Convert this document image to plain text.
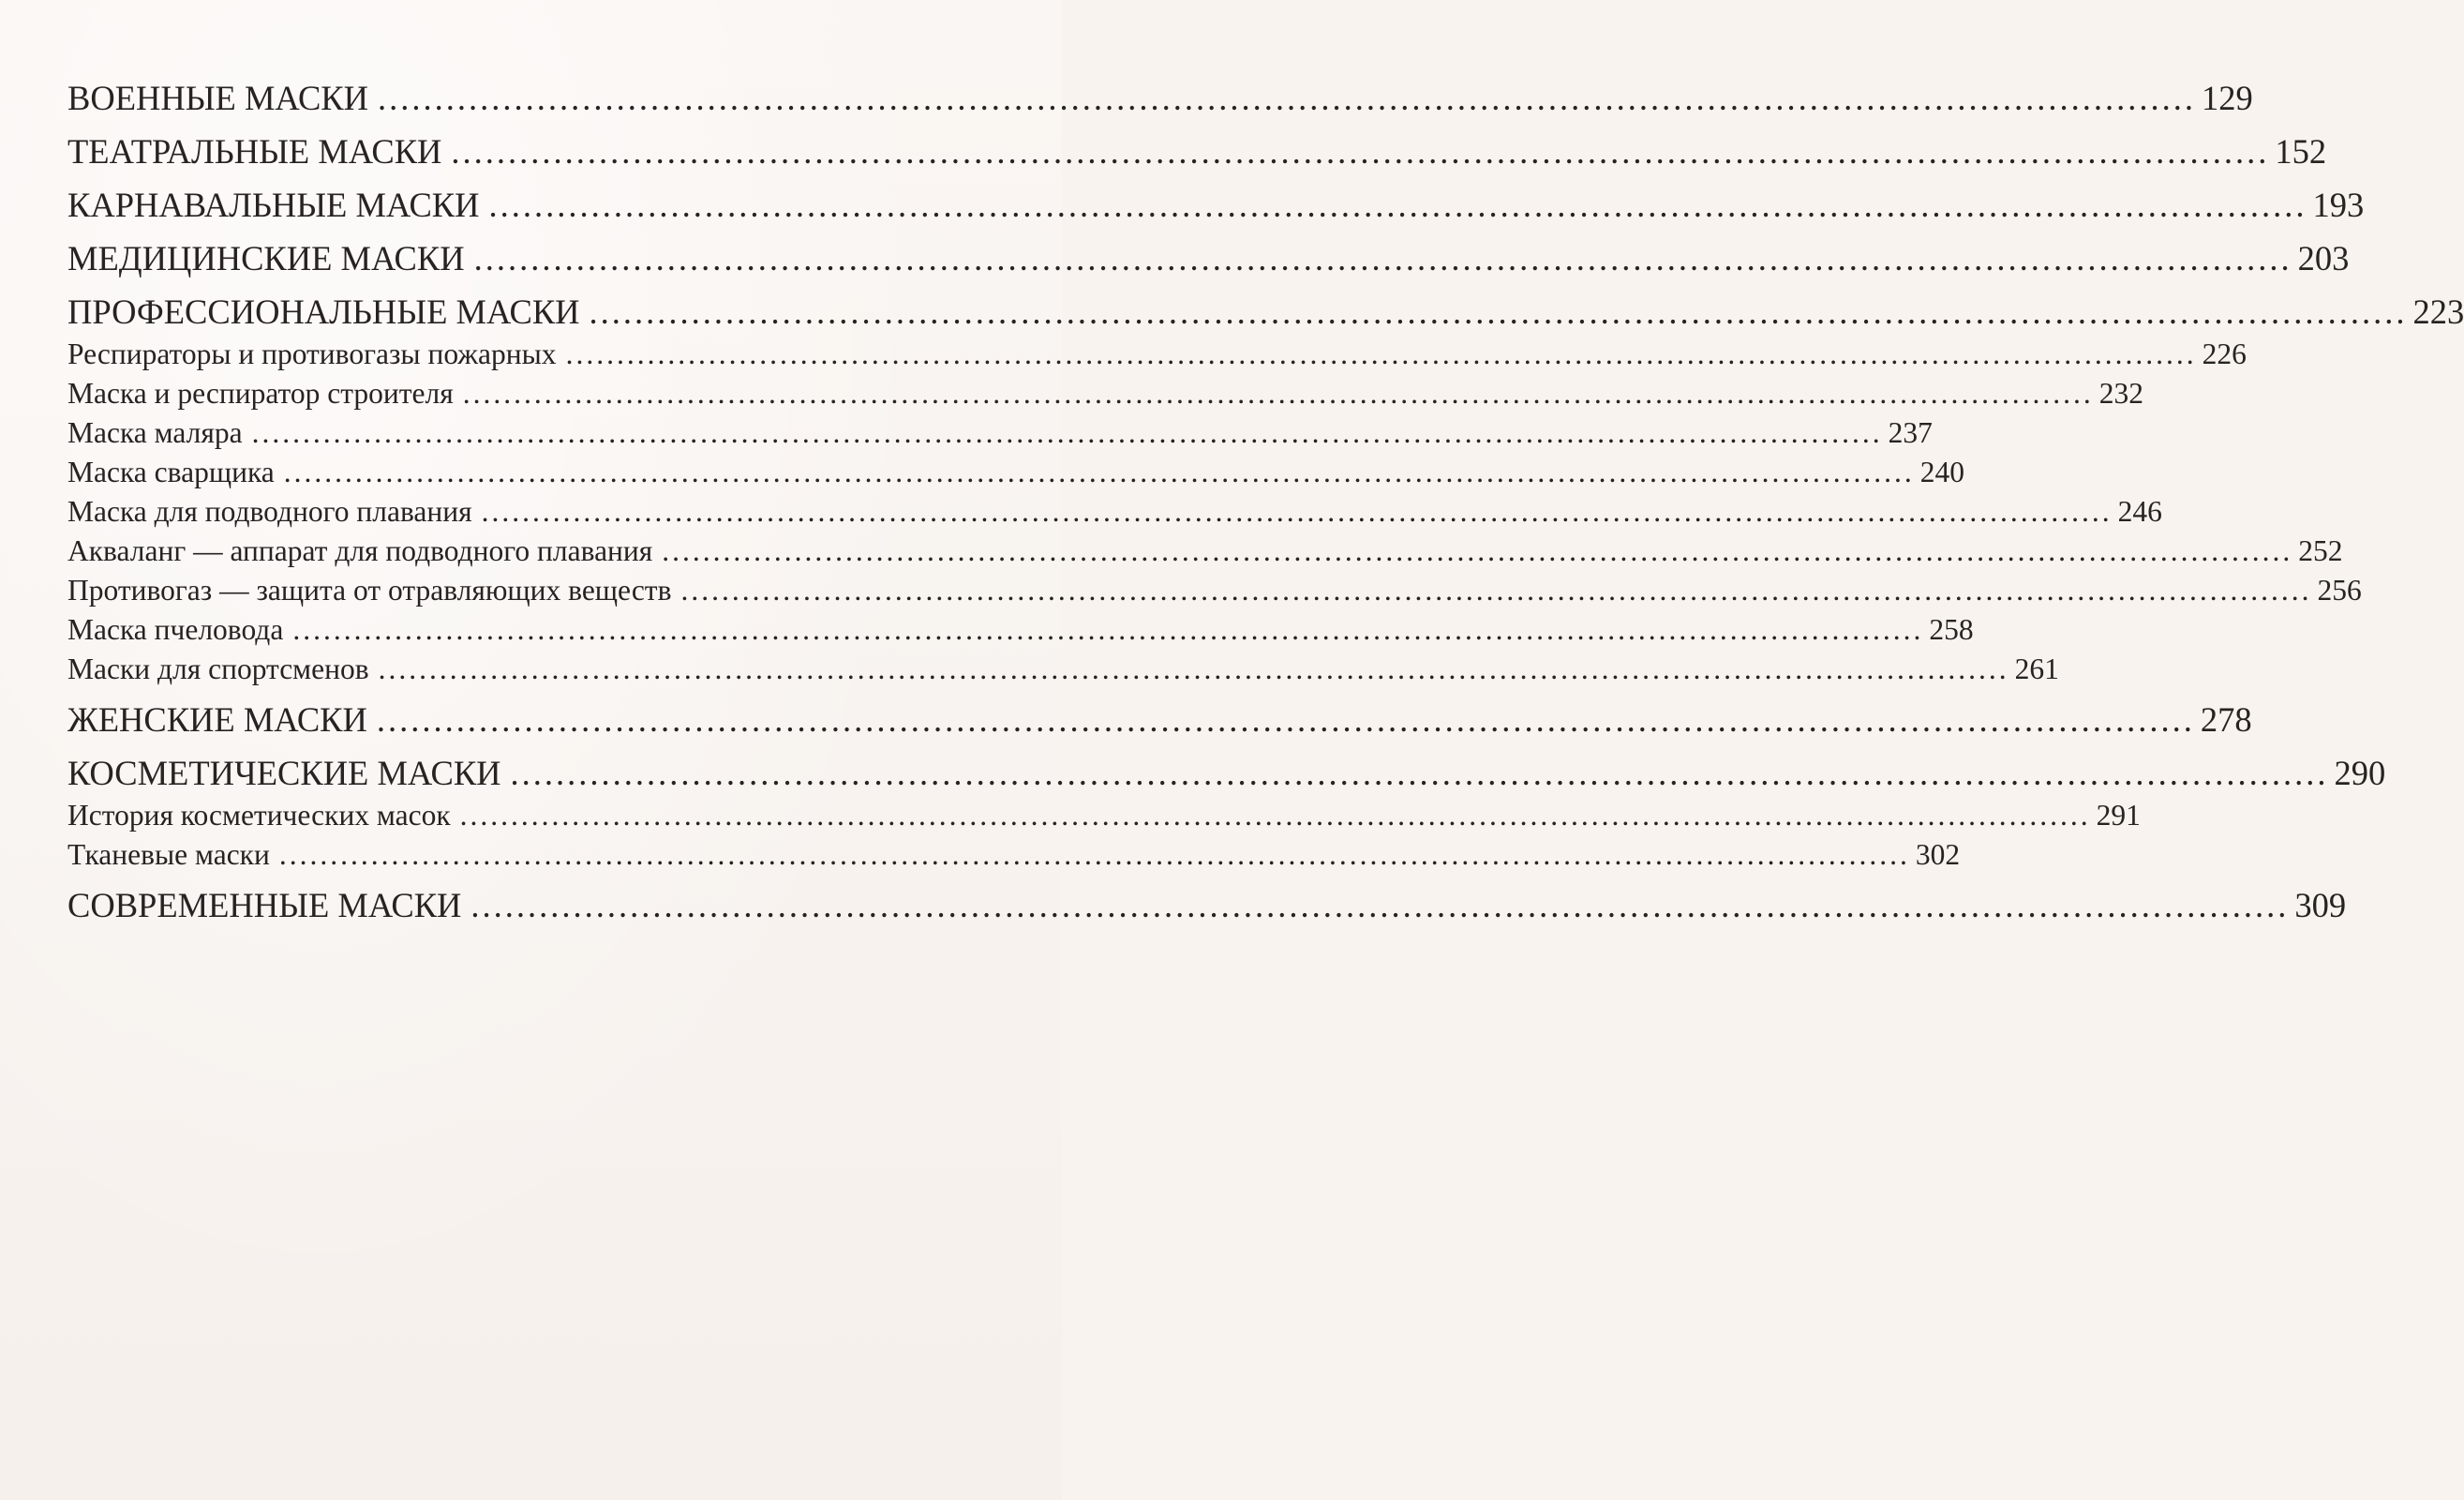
ВОЕННЫЕ МАСКИ .....	129
ТЕАТРАЛЬНЫЕ МАСКИ .....	152
КАРНАВАЛЬНЫЕ МАСКИ .....	193
МЕДИЦИНСКИЕ МАСКИ .....	203
ПРОФЕССИОНАЛЬНЫЕ МАСКИ .....	223
Респираторы и противогазы пожарных .....	226
Маска и респиратор строителя .....	232
Маска маляра .....	237
Маска сварщика .....	240
Маска для подводного плавания .....	246
Акваланг — аппарат для подводного плавания .....	252
Противогаз — защита от отравляющих веществ .....	256
Маска пчеловода .....	258
Маски для спортсменов .....	261
ЖЕНСКИЕ МАСКИ .....	278
КОСМЕТИЧЕСКИЕ МАСКИ .....	290
История косметических масок .....	291
Тканевые маски .....	302
СОВРЕМЕННЫЕ МАСКИ .....	309
